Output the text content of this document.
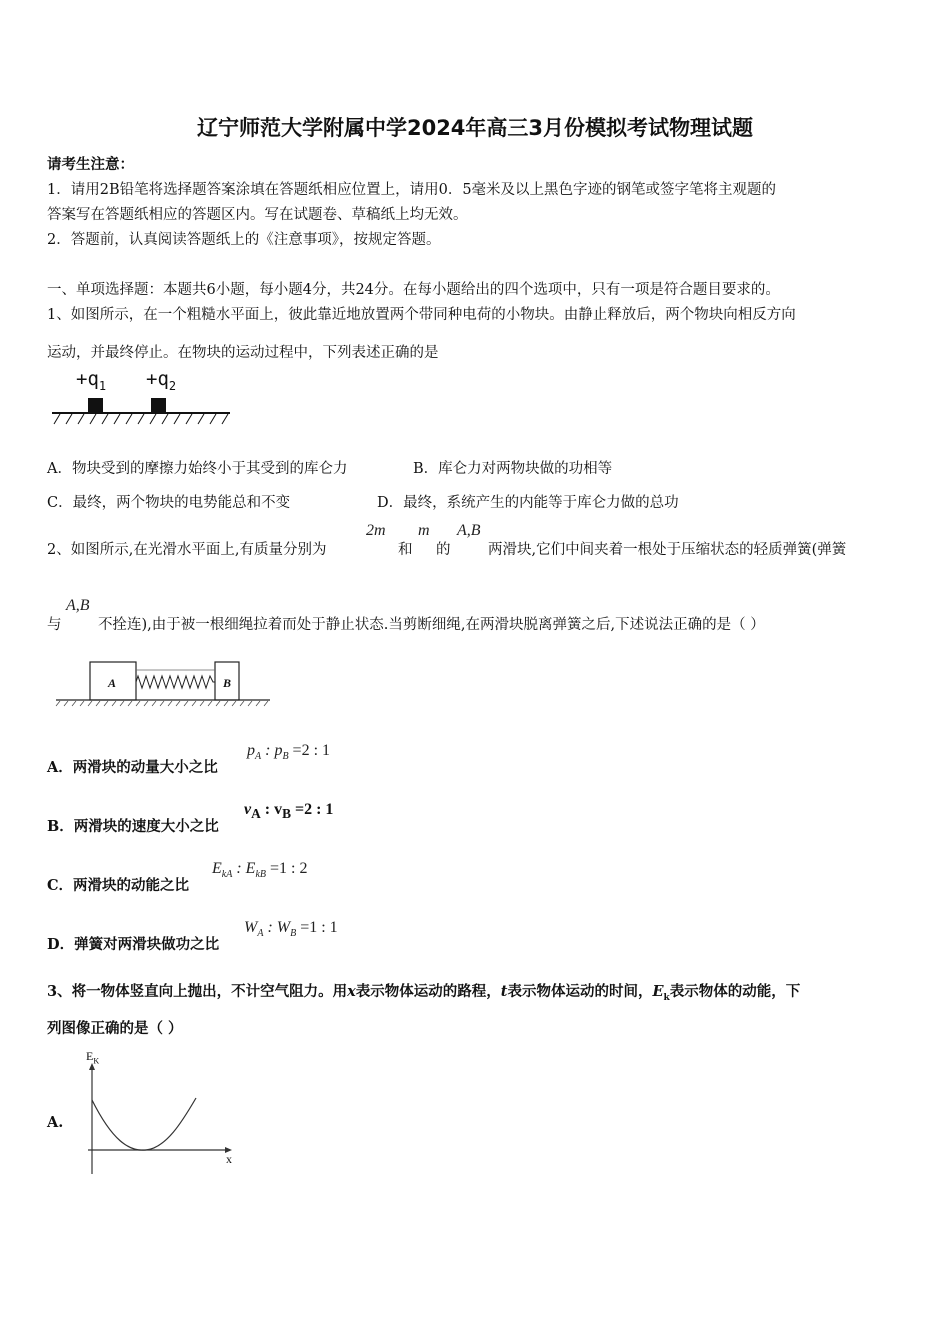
辽宁师范大学附属中学2024年高三3月份模拟考试物理试题
请考生注意：
1．请用2B铅笔将选择题答案涂填在答题纸相应位置上，请用0．5毫米及以上黑色字迹的钢笔或签字笔将主观题的
答案写在答题纸相应的答题区内。写在试题卷、草稿纸上均无效。
2．答题前，认真阅读答题纸上的《注意事项》，按规定答题。
一、单项选择题：本题共6小题，每小题4分，共24分。在每小题给出的四个选项中，只有一项是符合题目要求的。
1、如图所示，在一个粗糙水平面上，彼此靠近地放置两个带同种电荷的小物块。由静止释放后，两个物块向相反方向
运动，并最终停止。在物块的运动过程中，下列表述正确的是
$+q_1 +q_2$
A．物块受到的摩擦力始终小于其受到的库仑力	B．库仑力对两物块做的功相等
C．最终，两个物块的电势能总和不变	D．最终，系统产生的内能等于库仑力做的总功
2、如图所示,在光滑水平面上,有质量分别为
2m
和
m
的
A,B
两滑块,它们中间夹着一根处于压缩状态的轻质弹簧(弹簧
与
A,B
不拴连),由于被一根细绳拉着而处于静止状态.当剪断细绳,在两滑块脱离弹簧之后,下述说法正确的是（ ）
A	B
A．两滑块的动量大小之比
$p_A$ : $p_B =2$ : 1
B．两滑块的速度大小之比
$v_A$ : $v_B =2$ : 1
C．两滑块的动能之比
$E_{kA}$ : $E_{kB} =1$ : 2
D．弹簧对两滑块做功之比
$W_A$ : $W_B =1$ : 1
3、将一物体竖直向上抛出，不计空气阻力。用x表示物体运动的路程，t表示物体运动的时间，$E_k$表示物体的动能，下
列图像正确的是（ ）
A.
$E_K$
x
